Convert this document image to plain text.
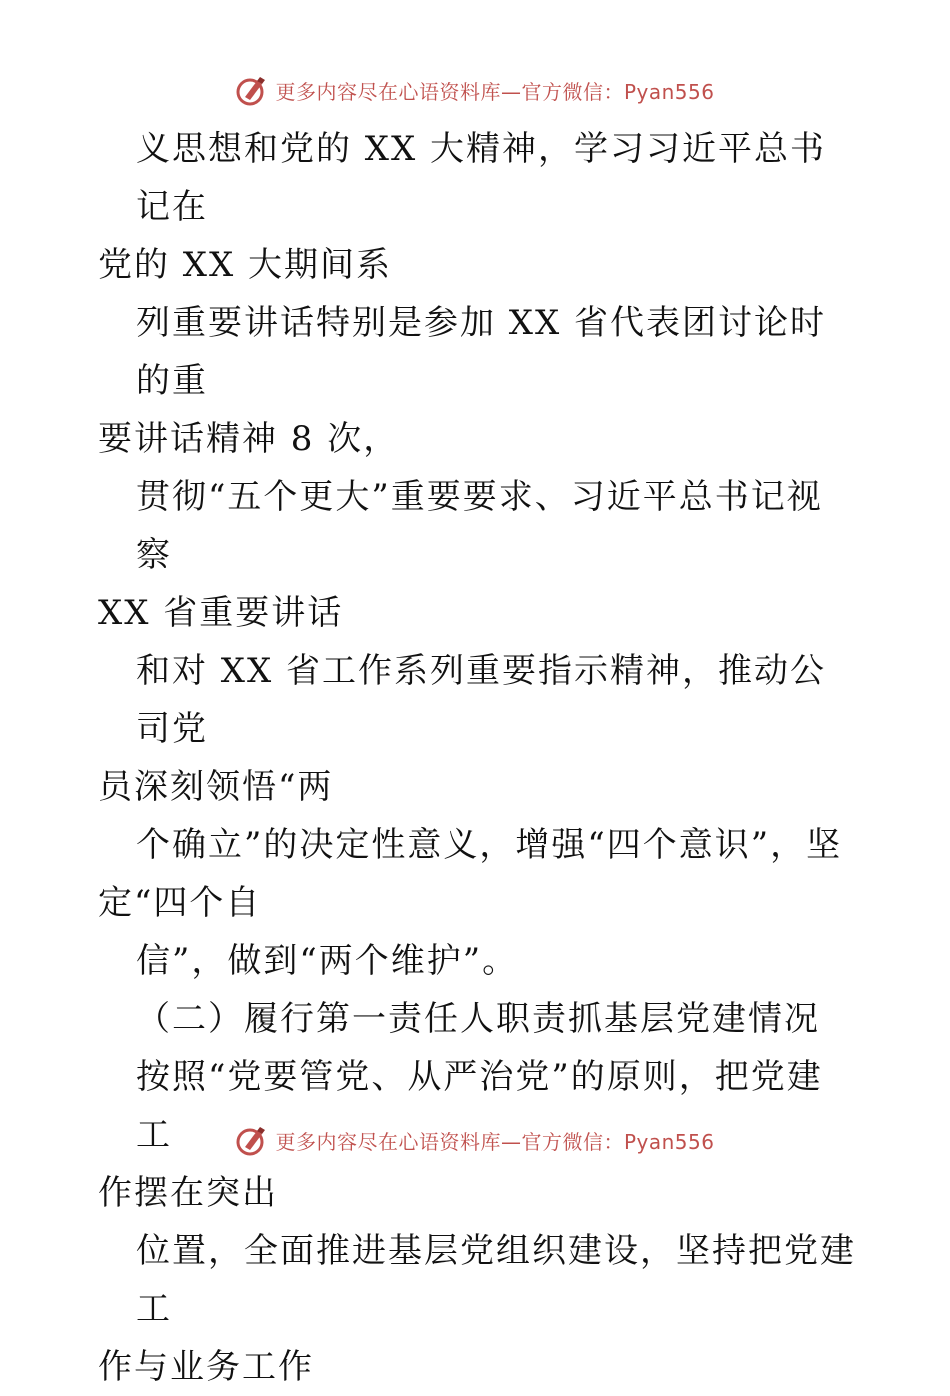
更多内容尽在心语资料库—官方微信：Pyan556

义思想和党的 XX 大精神，学习习近平总书记在
党的 XX 大期间系

列重要讲话特别是参加 XX 省代表团讨论时的重
要讲话精神 8 次，

贯彻“五个更大”重要要求、习近平总书记视察
XX 省重要讲话

和对 XX 省工作系列重要指示精神，推动公司党
员深刻领悟“两

个确立”的决定性意义，增强“四个意识”，坚
定“四个自

信”，做到“两个维护”。

（二）履行第一责任人职责抓基层党建情况

按照“党要管党、从严治党”的原则，把党建工
作摆在突出

位置，全面推进基层党组织建设，坚持把党建工
作与业务工作

更多内容尽在心语资料库—官方微信：Pyan556
